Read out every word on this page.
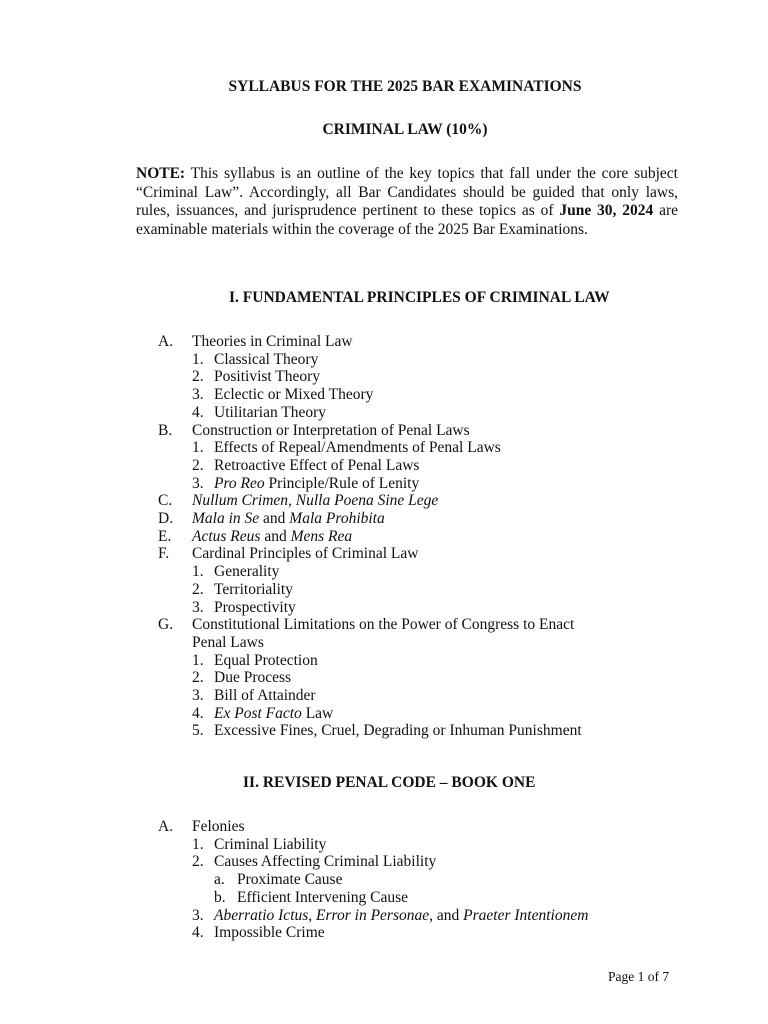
SYLLABUS FOR THE 2025 BAR EXAMINATIONS
CRIMINAL LAW (10%)
NOTE: This syllabus is an outline of the key topics that fall under the core subject “Criminal Law”. Accordingly, all Bar Candidates should be guided that only laws, rules, issuances, and jurisprudence pertinent to these topics as of June 30, 2024 are examinable materials within the coverage of the 2025 Bar Examinations.
I. FUNDAMENTAL PRINCIPLES OF CRIMINAL LAW
A. Theories in Criminal Law
1. Classical Theory
2. Positivist Theory
3. Eclectic or Mixed Theory
4. Utilitarian Theory
B. Construction or Interpretation of Penal Laws
1. Effects of Repeal/Amendments of Penal Laws
2. Retroactive Effect of Penal Laws
3. Pro Reo Principle/Rule of Lenity
C. Nullum Crimen, Nulla Poena Sine Lege
D. Mala in Se and Mala Prohibita
E. Actus Reus and Mens Rea
F. Cardinal Principles of Criminal Law
1. Generality
2. Territoriality
3. Prospectivity
G. Constitutional Limitations on the Power of Congress to Enact
Penal Laws
1. Equal Protection
2. Due Process
3. Bill of Attainder
4. Ex Post Facto Law
5. Excessive Fines, Cruel, Degrading or Inhuman Punishment
II. REVISED PENAL CODE – BOOK ONE
A. Felonies
1. Criminal Liability
2. Causes Affecting Criminal Liability
a. Proximate Cause
b. Efficient Intervening Cause
3. Aberratio Ictus, Error in Personae, and Praeter Intentionem
4. Impossible Crime
Page 1 of 7
